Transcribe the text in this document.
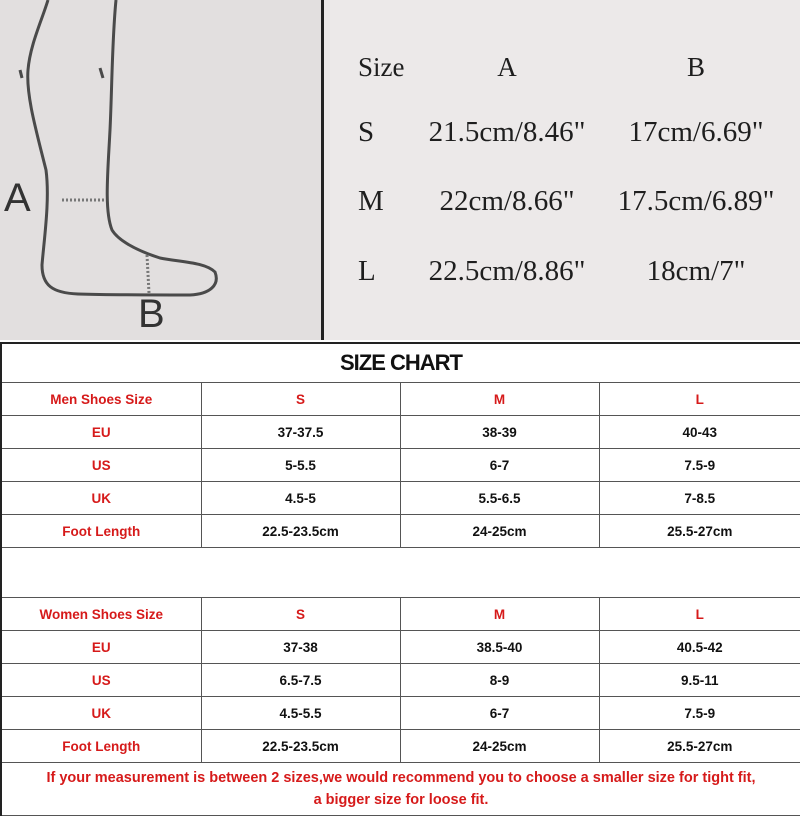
A
B
Size	A	B
S	21.5cm/8.46"	17cm/6.69"
M	22cm/8.66"	17.5cm/6.89"
L	22.5cm/8.86"	18cm/7"
SIZE CHART			
Men Shoes Size	S	M	L
EU	37-37.5	38-39	40-43
US	5-5.5	6-7	7.5-9
UK	4.5-5	5.5-6.5	7-8.5
Foot Length	22.5-23.5cm	24-25cm	25.5-27cm

Women Shoes Size	S	M	L
EU	37-38	38.5-40	40.5-42
US	6.5-7.5	8-9	9.5-11
UK	4.5-5.5	6-7	7.5-9
Foot Length	22.5-23.5cm	24-25cm	25.5-27cm

If your measurement is between 2 sizes,we would recommend you to choose a smaller size for tight fit,
a bigger size for loose fit.			
